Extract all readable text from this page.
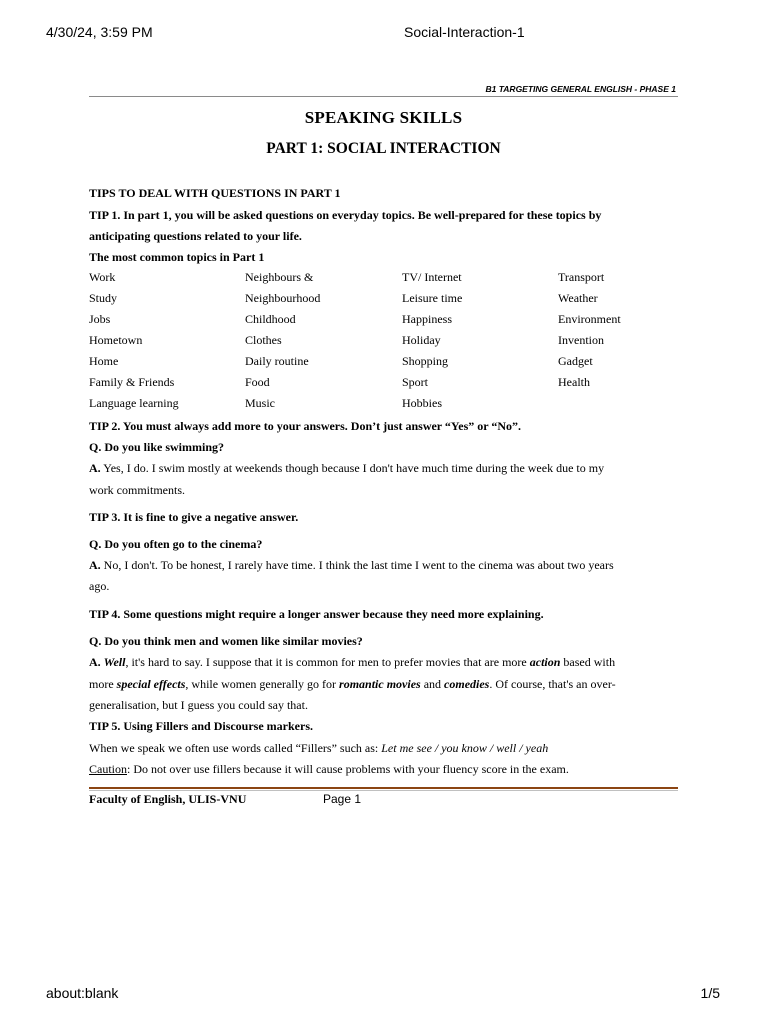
4/30/24, 3:59 PM	Social-Interaction-1
B1 TARGETING GENERAL ENGLISH - PHASE 1
SPEAKING SKILLS
PART 1: SOCIAL INTERACTION
TIPS TO DEAL WITH QUESTIONS IN PART 1
TIP 1. In part 1, you will be asked questions on everyday topics. Be well-prepared for these topics by
anticipating questions related to your life.
The most common topics in Part 1
Work	Neighbours &	TV/ Internet	Transport
Study	Neighbourhood	Leisure time	Weather
Jobs	Childhood	Happiness	Environment
Hometown	Clothes	Holiday	Invention
Home	Daily routine	Shopping	Gadget
Family & Friends	Food	Sport	Health
Language learning	Music	Hobbies
TIP 2. You must always add more to your answers. Don’t just answer “Yes” or “No”.
Q. Do you like swimming?
A. Yes, I do. I swim mostly at weekends though because I don't have much time during the week due to my
work commitments.
TIP 3. It is fine to give a negative answer.
Q. Do you often go to the cinema?
A. No, I don't. To be honest, I rarely have time. I think the last time I went to the cinema was about two years
ago.
TIP 4. Some questions might require a longer answer because they need more explaining.
Q. Do you think men and women like similar movies?
A. Well, it's hard to say. I suppose that it is common for men to prefer movies that are more action based with
more special effects, while women generally go for romantic movies and comedies. Of course, that's an over-
generalisation, but I guess you could say that.
TIP 5. Using Fillers and Discourse markers.
When we speak we often use words called “Fillers” such as: Let me see / you know / well / yeah
Caution: Do not over use fillers because it will cause problems with your fluency score in the exam.
Faculty of English, ULIS-VNU	Page 1
about:blank	1/5
